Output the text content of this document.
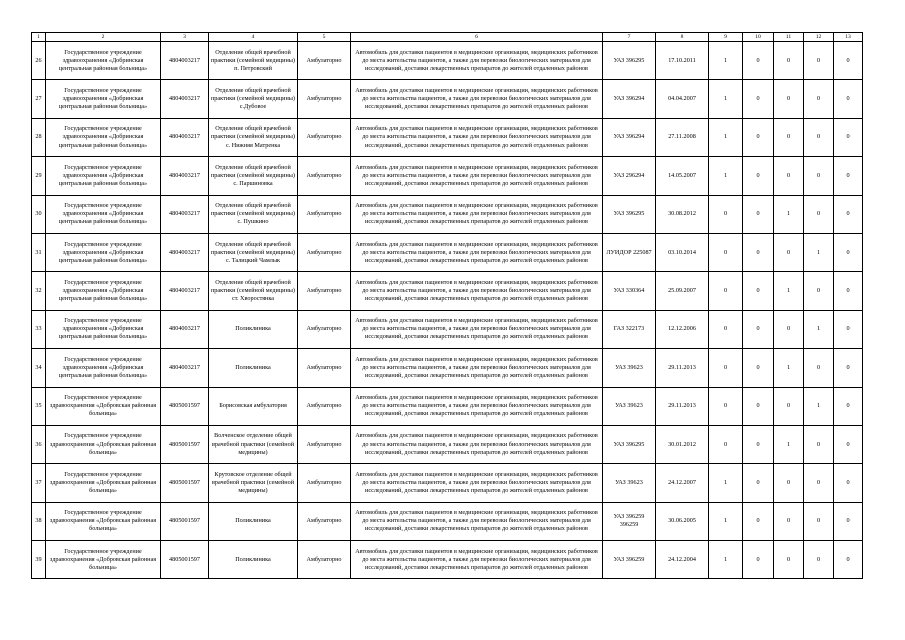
1	2	3	4	5	6	7	8	9	10	11	12	13
26	Государственное учреждение здравоохранения «Добринская центральная районная больница»	4804003217	Отделение общей врачебной практики (семейной медицины) п. Петровский	Амбулаторно	Автомобиль для доставки пациентов в медицинские организации, медицинских работников до места жительства пациентов, а также для перевозки биологических материалов для исследований, доставки лекарственных препаратов до жителей отдаленных районов	УАЗ 396295	17.10.2011	1	0	0	0	0
27	Государственное учреждение здравоохранения «Добринская центральная районная больница»	4804003217	Отделение общей врачебной практики (семейной медицины) с.Дубовое	Амбулаторно	Автомобиль для доставки пациентов в медицинские организации, медицинских работников до места жительства пациентов, а также для перевозки биологических материалов для исследований, доставки лекарственных препаратов до жителей отдаленных районов	УАЗ 396294	04.04.2007	1	0	0	0	0
28	Государственное учреждение здравоохранения «Добринская центральная районная больница»	4804003217	Отделение общей врачебной практики (семейной медицины) с. Нижняя Матренка	Амбулаторно	Автомобиль для доставки пациентов в медицинские организации, медицинских работников до места жительства пациентов, а также для перевозки биологических материалов для исследований, доставки лекарственных препаратов до жителей отдаленных районов	УАЗ 396294	27.11.2008	1	0	0	0	0
29	Государственное учреждение здравоохранения «Добринская центральная районная больница»	4804003217	Отделение общей врачебной практики (семейной медицины) с. Паршиновка	Амбулаторно	Автомобиль для доставки пациентов в медицинские организации, медицинских работников до места жительства пациентов, а также для перевозки биологических материалов для исследований, доставки лекарственных препаратов до жителей отдаленных районов	УАЗ 296294	14.05.2007	1	0	0	0	0
30	Государственное учреждение здравоохранения «Добринская центральная районная больница»	4804003217	Отделение общей врачебной практики (семейной медицины) с. Пушкино	Амбулаторно	Автомобиль для доставки пациентов в медицинские организации, медицинских работников до места жительства пациентов, а также для перевозки биологических материалов для исследований, доставки лекарственных препаратов до жителей отдаленных районов	УАЗ 396295	30.08.2012	0	0	1	0	0
31	Государственное учреждение здравоохранения «Добринская центральная районная больница»	4804003217	Отделение общей врачебной практики (семейной медицины) с. Талицкий Чамлык	Амбулаторно	Автомобиль для доставки пациентов в медицинские организации, медицинских работников до места жительства пациентов, а также для перевозки биологических материалов для исследований, доставки лекарственных препаратов до жителей отдаленных районов	ЛУИДОР 225087	03.10.2014	0	0	0	1	0
32	Государственное учреждение здравоохранения «Добринская центральная районная больница»	4804003217	Отделение общей врачебной практики (семейной медицины) ст. Хворостянка	Амбулаторно	Автомобиль для доставки пациентов в медицинские организации, медицинских работников до места жительства пациентов, а также для перевозки биологических материалов для исследований, доставки лекарственных препаратов до жителей отдаленных районов	УАЗ 330364	25.09.2007	0	0	1	0	0
33	Государственное учреждение здравоохранения «Добринская центральная районная больница»	4804003217	Поликлиника	Амбулаторно	Автомобиль для доставки пациентов в медицинские организации, медицинских работников до места жительства пациентов, а также для перевозки биологических материалов для исследований, доставки лекарственных препаратов до жителей отдаленных районов	ГАЗ 322173	12.12.2006	0	0	0	1	0
34	Государственное учреждение здравоохранения «Добринская центральная районная больница»	4804003217	Поликлиника	Амбулаторно	Автомобиль для доставки пациентов в медицинские организации, медицинских работников до места жительства пациентов, а также для перевозки биологических материалов для исследований, доставки лекарственных препаратов до жителей отдаленных районов	УАЗ 39623	29.11.2013	0	0	1	0	0
35	Государственное учреждение здравоохранения «Добровская районная больница»	4805001597	Борисовская амбулатория	Амбулаторно	Автомобиль для доставки пациентов в медицинские организации, медицинских работников до места жительства пациентов, а также для перевозки биологических материалов для исследований, доставки лекарственных препаратов до жителей отдаленных районов	УАЗ 39623	29.11.2013	0	0	0	1	0
36	Государственное учреждение здравоохранения «Добровская районная больница»	4805001597	Волченское отделение общей врачебной практики (семейной медицины)	Амбулаторно	Автомобиль для доставки пациентов в медицинские организации, медицинских работников до места жительства пациентов, а также для перевозки биологических материалов для исследований, доставки лекарственных препаратов до жителей отдаленных районов	УАЗ 396295	30.01.2012	0	0	1	0	0
37	Государственное учреждение здравоохранения «Добровская районная больница»	4805001597	Крутовское отделение общей врачебной практики (семейной медицины)	Амбулаторно	Автомобиль для доставки пациентов в медицинские организации, медицинских работников до места жительства пациентов, а также для перевозки биологических материалов для исследований, доставки лекарственных препаратов до жителей отдаленных районов	УАЗ 39623	24.12.2007	1	0	0	0	0
38	Государственное учреждение здравоохранения «Добровская районная больница»	4805001597	Поликлиника	Амбулаторно	Автомобиль для доставки пациентов в медицинские организации, медицинских работников до места жительства пациентов, а также для перевозки биологических материалов для исследований, доставки лекарственных препаратов до жителей отдаленных районов	УАЗ 396259 396259	30.06.2005	1	0	0	0	0
39	Государственное учреждение здравоохранения «Добровская районная больница»	4805001597	Поликлиника	Амбулаторно	Автомобиль для доставки пациентов в медицинские организации, медицинских работников до места жительства пациентов, а также для перевозки биологических материалов для исследований, доставки лекарственных препаратов до жителей отдаленных районов	УАЗ 396259	24.12.2004	1	0	0	0	0
